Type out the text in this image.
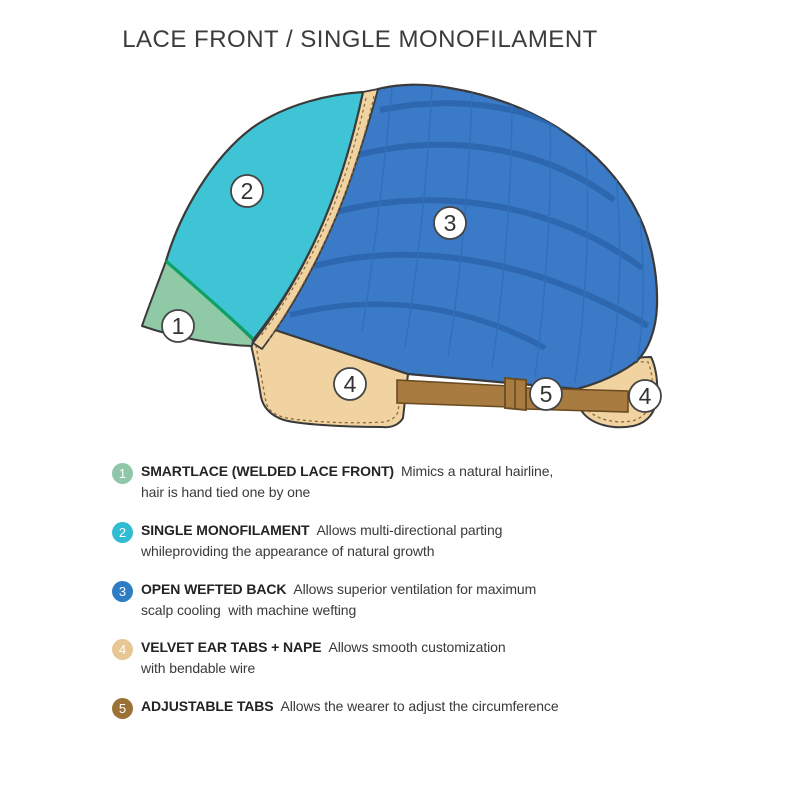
LACE FRONT / SINGLE MONOFILAMENT
1
2
3
4	5	4
1	SMARTLACE (WELDED LACE FRONT) Mimics a natural hairline,
hair is hand tied one by one
2	SINGLE MONOFILAMENT Allows multi-directional parting
whileproviding the appearance of natural growth
3	OPEN WEFTED BACK Allows superior ventilation for maximum
scalp cooling  with machine wefting
4	VELVET EAR TABS + NAPE Allows smooth customization
with bendable wire
5	ADJUSTABLE TABS Allows the wearer to adjust the circumference
